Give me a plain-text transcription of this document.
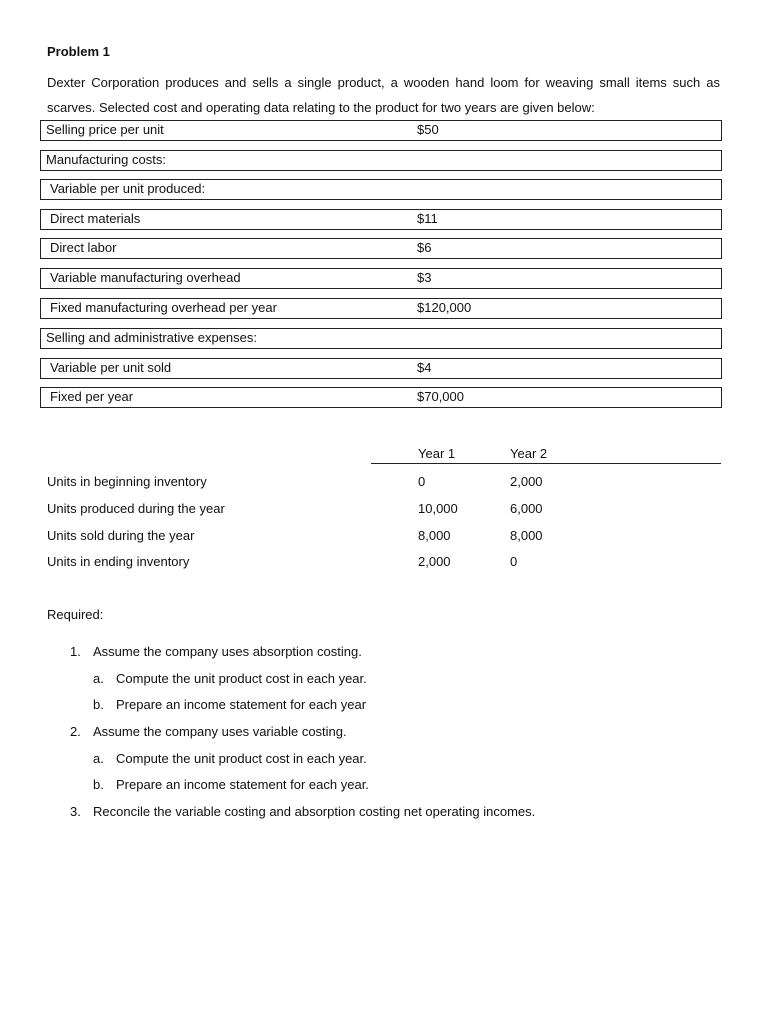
Problem 1
Dexter Corporation produces and sells a single product, a wooden hand loom for weaving small items such as scarves. Selected cost and operating data relating to the product for two years are given below:
Selling price per unit	$50
Manufacturing costs:
Variable per unit produced:
Direct materials	$11
Direct labor	$6
Variable manufacturing overhead	$3
Fixed manufacturing overhead per year	$120,000
Selling and administrative expenses:
Variable per unit sold	$4
Fixed per year	$70,000
Year 1	Year 2
Units in beginning inventory	0	2,000
Units produced during the year	10,000	6,000
Units sold during the year	8,000	8,000
Units in ending inventory	2,000	0
Required:
1. Assume the company uses absorption costing.
a. Compute the unit product cost in each year.
b. Prepare an income statement for each year
2. Assume the company uses variable costing.
a. Compute the unit product cost in each year.
b. Prepare an income statement for each year.
3. Reconcile the variable costing and absorption costing net operating incomes.
